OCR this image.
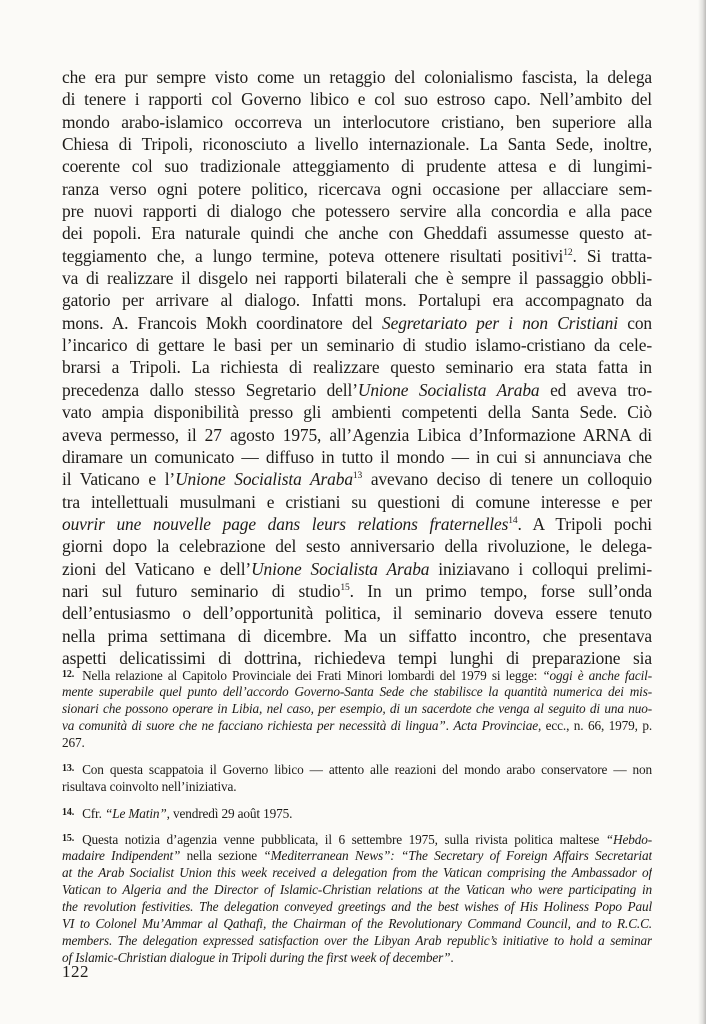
che era pur sempre visto come un retaggio del colonialismo fascista, la delega
di tenere i rapporti col Governo libico e col suo estroso capo. Nell’ambito del
mondo arabo-islamico occorreva un interlocutore cristiano, ben superiore alla
Chiesa di Tripoli, riconosciuto a livello internazionale. La Santa Sede, inoltre,
coerente col suo tradizionale atteggiamento di prudente attesa e di lungimi-
ranza verso ogni potere politico, ricercava ogni occasione per allacciare sem-
pre nuovi rapporti di dialogo che potessero servire alla concordia e alla pace
dei popoli. Era naturale quindi che anche con Gheddafi assumesse questo at-
teggiamento che, a lungo termine, poteva ottenere risultati positivi$^{12}$. Si tratta-
va di realizzare il disgelo nei rapporti bilaterali che è sempre il passaggio obbli-
gatorio per arrivare al dialogo. Infatti mons. Portalupi era accompagnato da
mons. A. Francois Mokh coordinatore del Segretariato per i non Cristiani con
l’incarico di gettare le basi per un seminario di studio islamo-cristiano da cele-
brarsi a Tripoli. La richiesta di realizzare questo seminario era stata fatta in
precedenza dallo stesso Segretario dell’Unione Socialista Araba ed aveva tro-
vato ampia disponibilità presso gli ambienti competenti della Santa Sede. Ciò
aveva permesso, il 27 agosto 1975, all’Agenzia Libica d’Informazione ARNA di
diramare un comunicato — diffuso in tutto il mondo — in cui si annunciava che
il Vaticano e l’Unione Socialista Araba$^{13}$ avevano deciso di tenere un colloquio
tra intellettuali musulmani e cristiani su questioni di comune interesse e per
ouvrir une nouvelle page dans leurs relations fraternelles$^{14}$. A Tripoli pochi
giorni dopo la celebrazione del sesto anniversario della rivoluzione, le delega-
zioni del Vaticano e dell’Unione Socialista Araba iniziavano i colloqui prelimi-
nari sul futuro seminario di studio$^{15}$. In un primo tempo, forse sull’onda
dell’entusiasmo o dell’opportunità politica, il seminario doveva essere tenuto
nella prima settimana di dicembre. Ma un siffatto incontro, che presentava
aspetti delicatissimi di dottrina, richiedeva tempi lunghi di preparazione sia
$^{12.}$ Nella relazione al Capitolo Provinciale dei Frati Minori lombardi del 1979 si legge: “oggi è anche facil-
mente superabile quel punto dell’accordo Governo-Santa Sede che stabilisce la quantità numerica dei mis-
sionari che possono operare in Libia, nel caso, per esempio, di un sacerdote che venga al seguito di una nuo-
va comunità di suore che ne facciano richiesta per necessità di lingua”. Acta Provinciae, ecc., n. 66, 1979, p.
267.
$^{13.}$ Con questa scappatoia il Governo libico — attento alle reazioni del mondo arabo conservatore — non
risultava coinvolto nell’iniziativa.
$^{14.}$ Cfr. “Le Matin”, vendredì 29 août 1975.
$^{15.}$ Questa notizia d’agenzia venne pubblicata, il 6 settembre 1975, sulla rivista politica maltese “Hebdo-
madaire Indipendent” nella sezione “Mediterranean News”: “The Secretary of Foreign Affairs Secretariat
at the Arab Socialist Union this week received a delegation from the Vatican comprising the Ambassador of
Vatican to Algeria and the Director of Islamic-Christian relations at the Vatican who were participating in
the revolution festivities. The delegation conveyed greetings and the best wishes of His Holiness Popo Paul
VI to Colonel Mu’Ammar al Qathafi, the Chairman of the Revolutionary Command Council, and to R.C.C.
members. The delegation expressed satisfaction over the Libyan Arab republic’s initiative to hold a seminar
of Islamic-Christian dialogue in Tripoli during the first week of december”.
122
